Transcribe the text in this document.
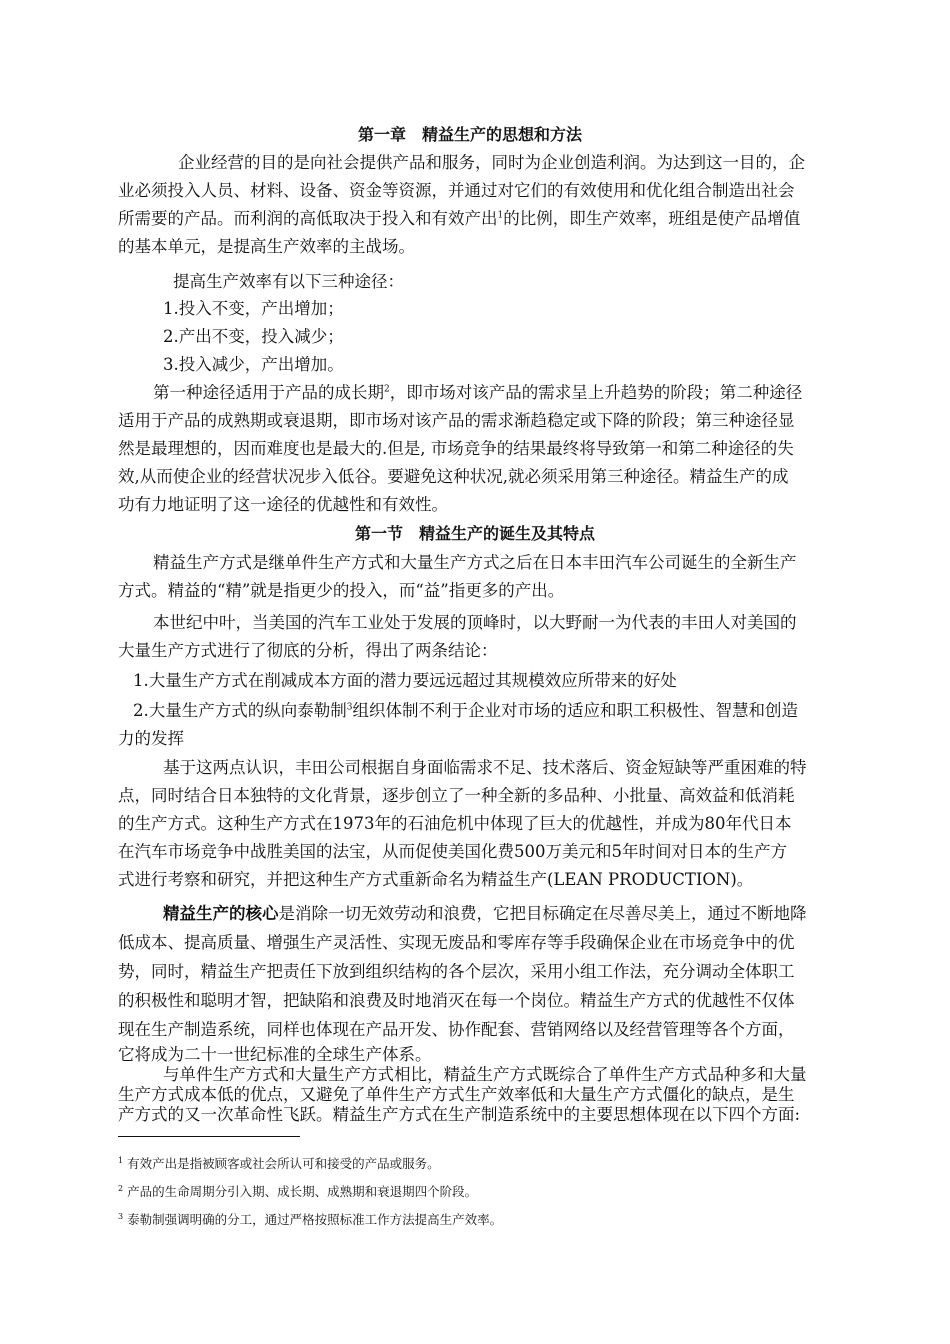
第一章　精益生产的思想和方法
企业经营的目的是向社会提供产品和服务，同时为企业创造利润。为达到这一目的，企
业必须投入人员、材料、设备、资金等资源，并通过对它们的有效使用和优化组合制造出社会
所需要的产品。而利润的高低取决于投入和有效产出$^1$的比例，即生产效率，班组是使产品增值
的基本单元，是提高生产效率的主战场。
提高生产效率有以下三种途径：
1.投入不变，产出增加；
2.产出不变，投入减少；
3.投入减少，产出增加。
第一种途径适用于产品的成长期$^2$，即市场对该产品的需求呈上升趋势的阶段；第二种途径
适用于产品的成熟期或衰退期，即市场对该产品的需求渐趋稳定或下降的阶段；第三种途径显
然是最理想的，因而难度也是最大的.但是, 市场竞争的结果最终将导致第一和第二种途径的失
效,从而使企业的经营状况步入低谷。要避免这种状况,就必须采用第三种途径。精益生产的成
功有力地证明了这一途径的优越性和有效性。
第一节　精益生产的诞生及其特点
精益生产方式是继单件生产方式和大量生产方式之后在日本丰田汽车公司诞生的全新生产
方式。精益的“精”就是指更少的投入，而“益”指更多的产出。
本世纪中叶，当美国的汽车工业处于发展的顶峰时，以大野耐一为代表的丰田人对美国的
大量生产方式进行了彻底的分析，得出了两条结论：
1.大量生产方式在削减成本方面的潜力要远远超过其规模效应所带来的好处
2.大量生产方式的纵向泰勒制$^3$组织体制不利于企业对市场的适应和职工积极性、智慧和创造
力的发挥
基于这两点认识，丰田公司根据自身面临需求不足、技术落后、资金短缺等严重困难的特
点，同时结合日本独特的文化背景，逐步创立了一种全新的多品种、小批量、高效益和低消耗
的生产方式。这种生产方式在1973年的石油危机中体现了巨大的优越性，并成为80年代日本
在汽车市场竞争中战胜美国的法宝，从而促使美国化费500万美元和5年时间对日本的生产方
式进行考察和研究，并把这种生产方式重新命名为精益生产(LEAN PRODUCTION)。
精益生产的核心是消除一切无效劳动和浪费，它把目标确定在尽善尽美上，通过不断地降
低成本、提高质量、增强生产灵活性、实现无废品和零库存等手段确保企业在市场竞争中的优
势，同时，精益生产把责任下放到组织结构的各个层次，采用小组工作法，充分调动全体职工
的积极性和聪明才智，把缺陷和浪费及时地消灭在每一个岗位。精益生产方式的优越性不仅体
现在生产制造系统，同样也体现在产品开发、协作配套、营销网络以及经营管理等各个方面，
它将成为二十一世纪标准的全球生产体系。
与单件生产方式和大量生产方式相比，精益生产方式既综合了单件生产方式品种多和大量
生产方式成本低的优点，又避免了单件生产方式生产效率低和大量生产方式僵化的缺点，是生
产方式的又一次革命性飞跃。精益生产方式在生产制造系统中的主要思想体现在以下四个方面:
$^1$ 有效产出是指被顾客或社会所认可和接受的产品或服务。
$^2$ 产品的生命周期分引入期、成长期、成熟期和衰退期四个阶段。
$^3$ 泰勒制强调明确的分工，通过严格按照标准工作方法提高生产效率。
